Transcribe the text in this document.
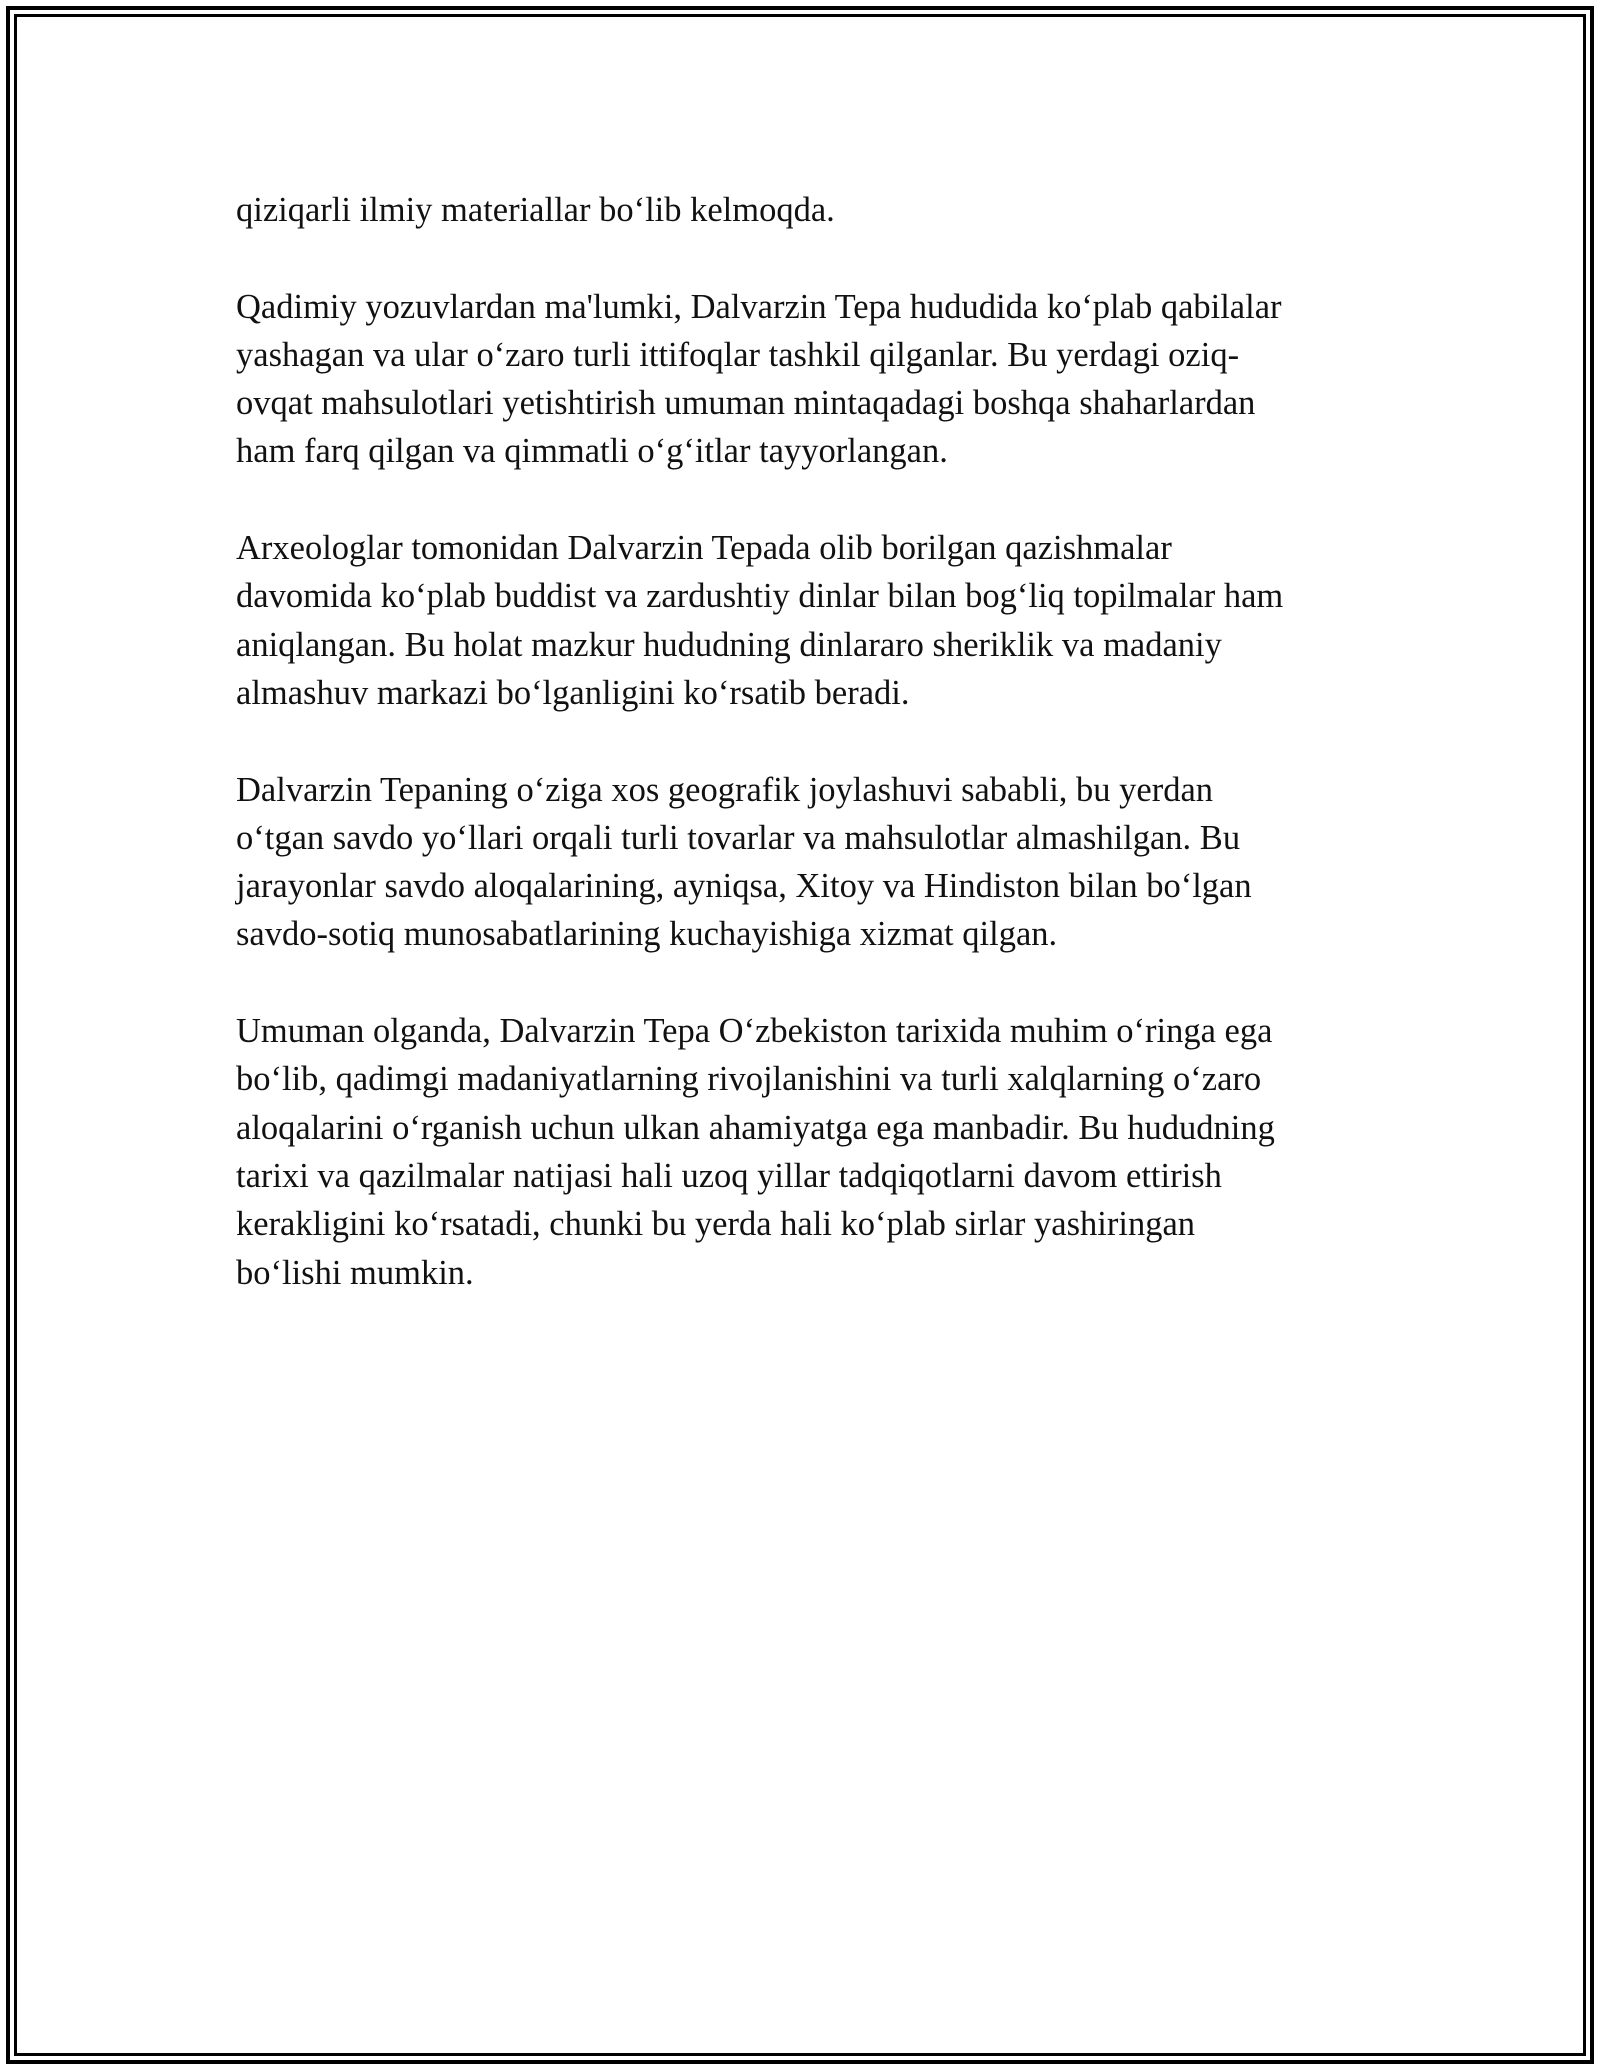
qiziqarli ilmiy materiallar bo‘lib kelmoqda.

Qadimiy yozuvlardan ma'lumki, Dalvarzin Tepa hududida ko‘plab qabilalar
yashagan va ular o‘zaro turli ittifoqlar tashkil qilganlar. Bu yerdagi oziq-
ovqat mahsulotlari yetishtirish umuman mintaqadagi boshqa shaharlardan
ham farq qilgan va qimmatli o‘g‘itlar tayyorlangan.

Arxeologlar tomonidan Dalvarzin Tepada olib borilgan qazishmalar
davomida ko‘plab buddist va zardushtiy dinlar bilan bog‘liq topilmalar ham
aniqlangan. Bu holat mazkur hududning dinlararo sheriklik va madaniy
almashuv markazi bo‘lganligini ko‘rsatib beradi.

Dalvarzin Tepaning o‘ziga xos geografik joylashuvi sababli, bu yerdan
o‘tgan savdo yo‘llari orqali turli tovarlar va mahsulotlar almashilgan. Bu
jarayonlar savdo aloqalarining, ayniqsa, Xitoy va Hindiston bilan bo‘lgan
savdo-sotiq munosabatlarining kuchayishiga xizmat qilgan.

Umuman olganda, Dalvarzin Tepa O‘zbekiston tarixida muhim o‘ringa ega
bo‘lib, qadimgi madaniyatlarning rivojlanishini va turli xalqlarning o‘zaro
aloqalarini o‘rganish uchun ulkan ahamiyatga ega manbadir. Bu hududning
tarixi va qazilmalar natijasi hali uzoq yillar tadqiqotlarni davom ettirish
kerakligini ko‘rsatadi, chunki bu yerda hali ko‘plab sirlar yashiringan
bo‘lishi mumkin.
